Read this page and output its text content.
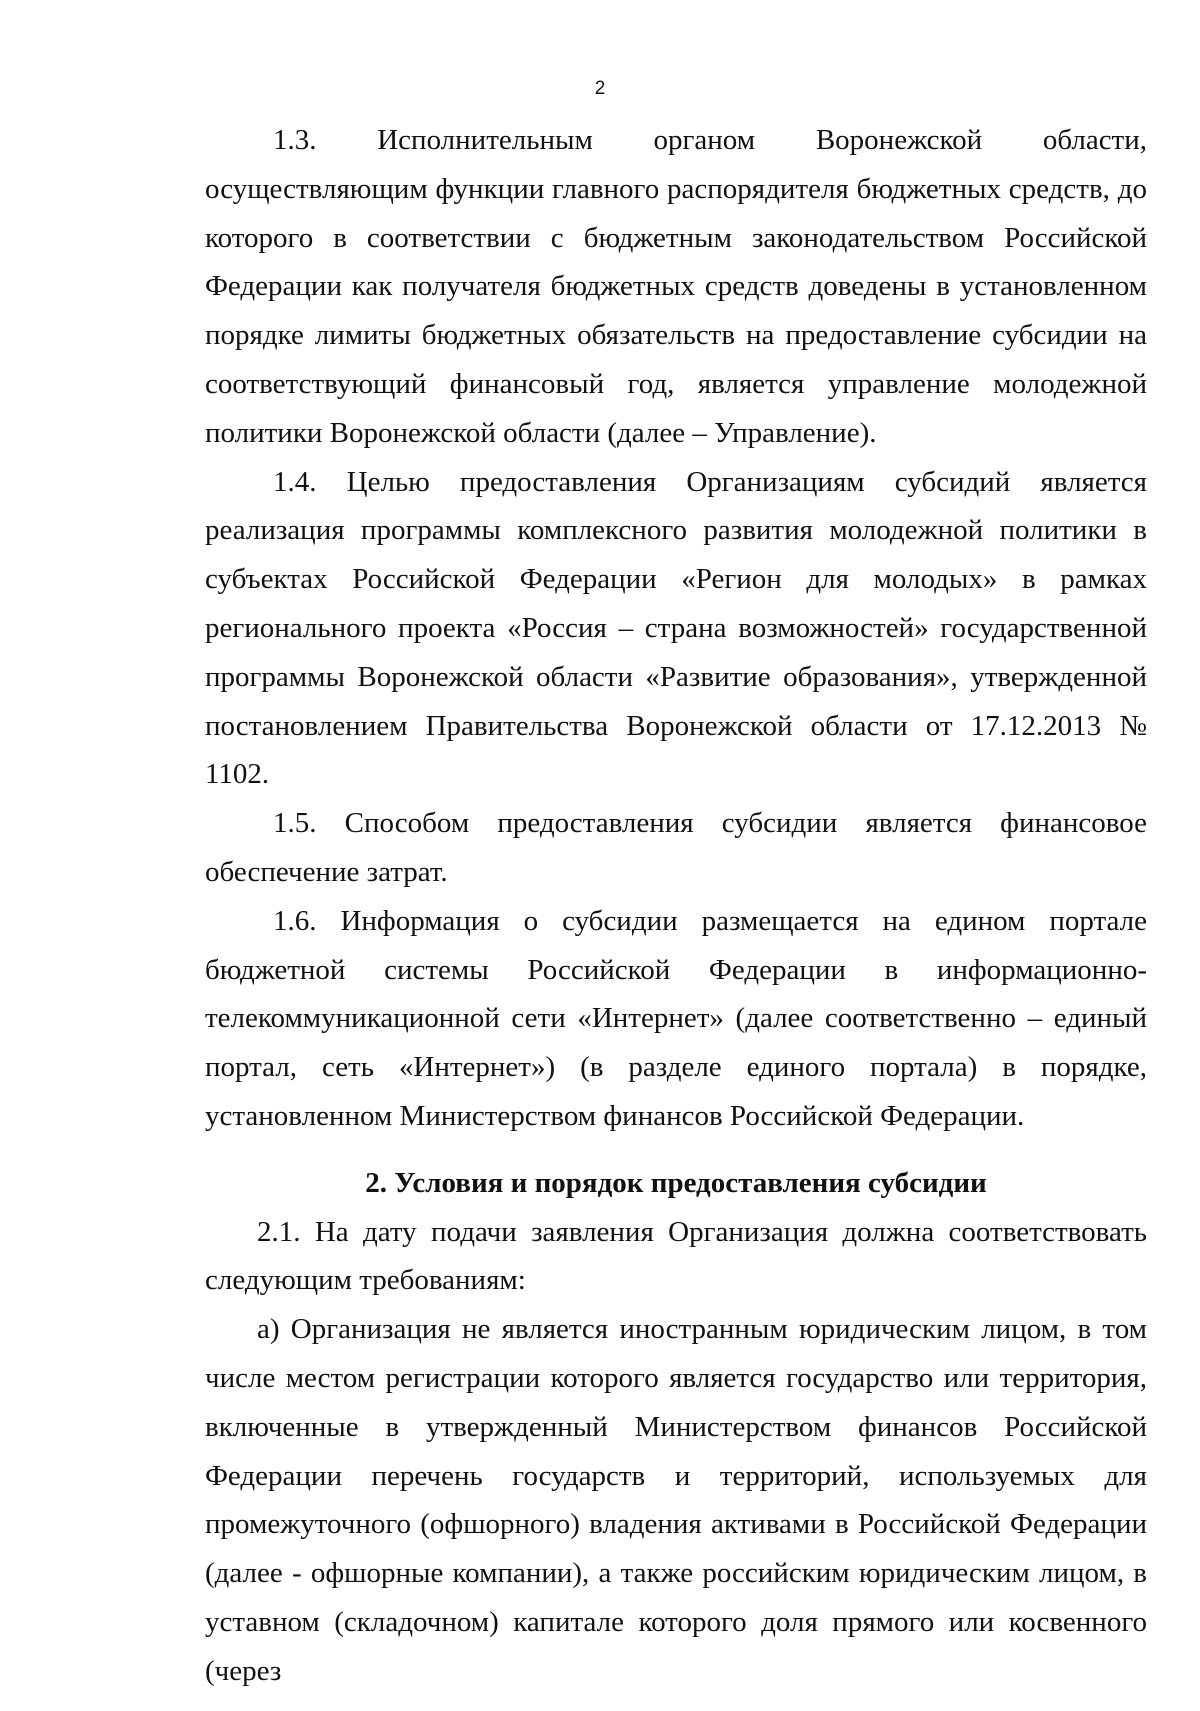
2

1.3. Исполнительным органом Воронежской области, осуществляющим функции главного распорядителя бюджетных средств, до которого в соответствии с бюджетным законодательством Российской Федерации как получателя бюджетных средств доведены в установленном порядке лимиты бюджетных обязательств на предоставление субсидии на соответствующий финансовый год, является управление молодежной политики Воронежской области (далее – Управление).

1.4. Целью предоставления Организациям субсидий является реализация программы комплексного развития молодежной политики в субъектах Российской Федерации «Регион для молодых» в рамках регионального проекта «Россия – страна возможностей» государственной программы Воронежской области «Развитие образования», утвержденной постановлением Правительства Воронежской области от 17.12.2013 № 1102.

1.5. Способом предоставления субсидии является финансовое обеспечение затрат.

1.6. Информация о субсидии размещается на едином портале бюджетной системы Российской Федерации в информационно-телекоммуникационной сети «Интернет» (далее соответственно – единый портал, сеть «Интернет») (в разделе единого портала) в порядке, установленном Министерством финансов Российской Федерации.

2. Условия и порядок предоставления субсидии

2.1. На дату подачи заявления Организация должна соответствовать следующим требованиям:

а) Организация не является иностранным юридическим лицом, в том числе местом регистрации которого является государство или территория, включенные в утвержденный Министерством финансов Российской Федерации перечень государств и территорий, используемых для промежуточного (офшорного) владения активами в Российской Федерации (далее - офшорные компании), а также российским юридическим лицом, в уставном (складочном) капитале которого доля прямого или косвенного (через
